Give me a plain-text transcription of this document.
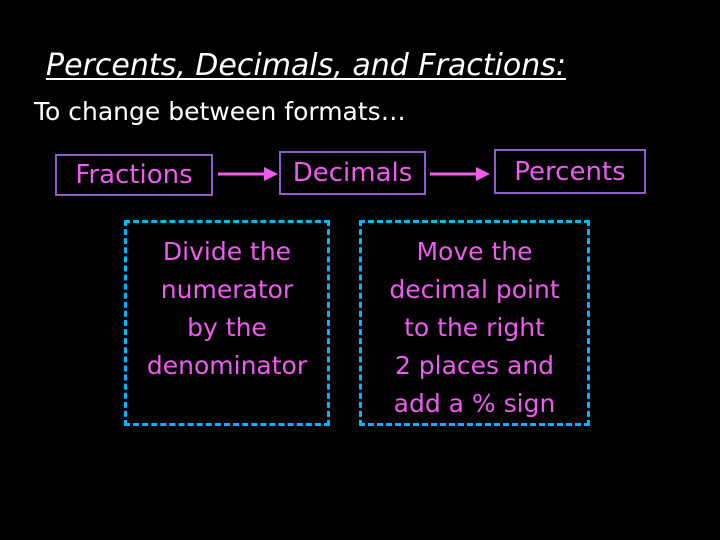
Percents, Decimals, and Fractions:
To change between formats…
Fractions	Decimals	Percents
Divide the
numerator
by the
denominator
Move the
decimal point
to the right
2 places and
add a % sign
